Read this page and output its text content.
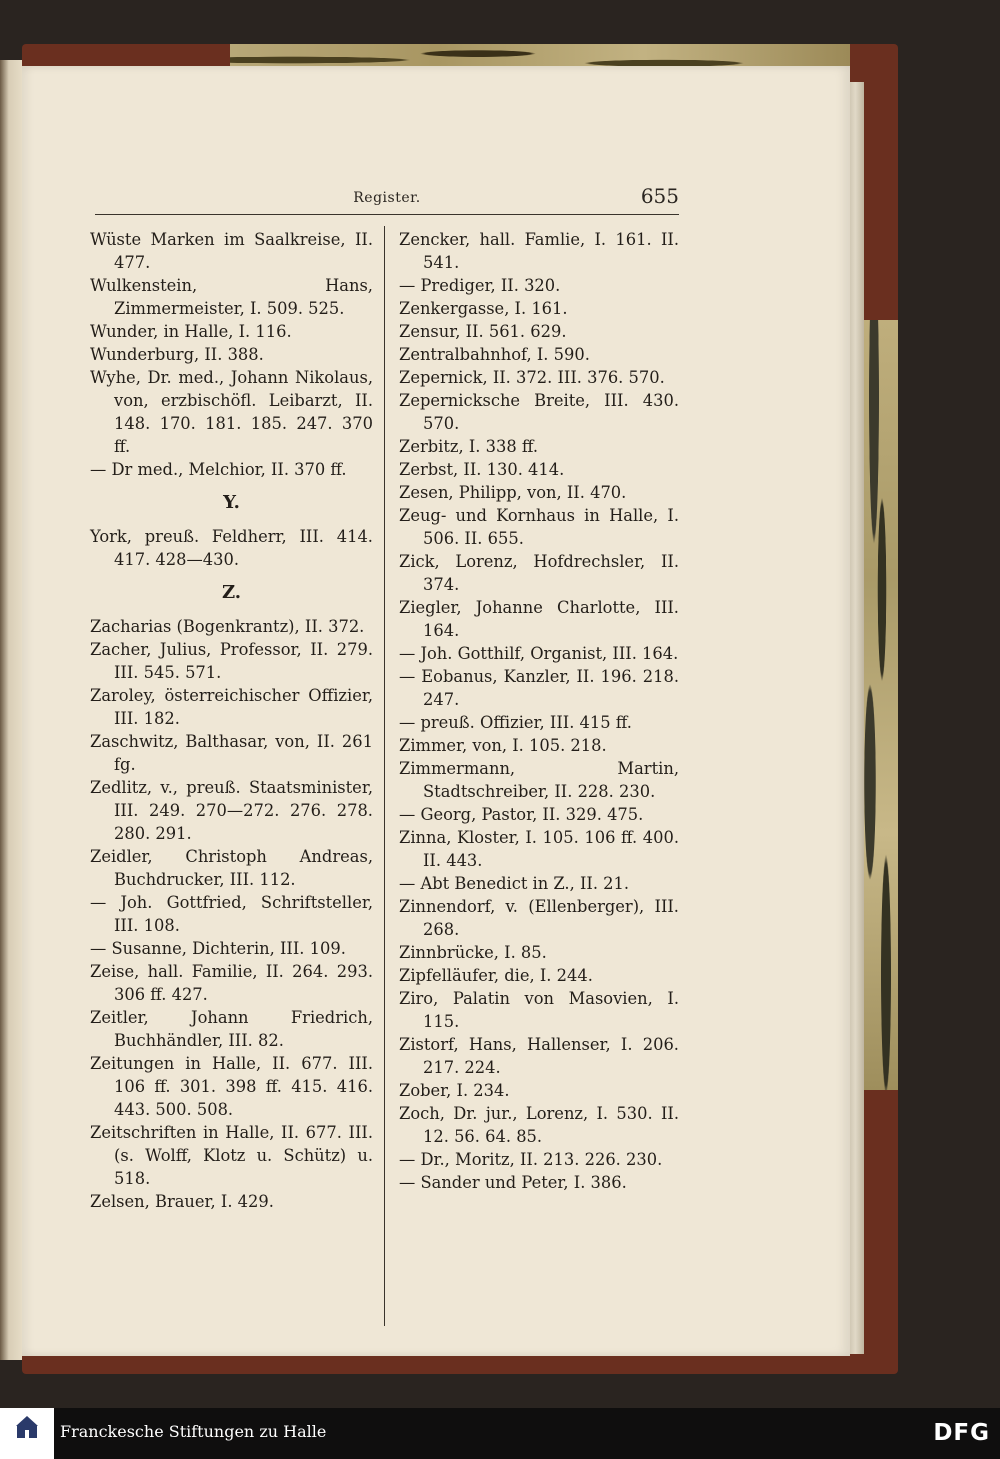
Register.	655
Wüste Marken im Saalkreise, II. 477.
Wulkenstein, Hans, Zimmermeister, I. 509. 525.
Wunder, in Halle, I. 116.
Wunderburg, II. 388.
Wyhe, Dr. med., Johann Nikolaus, von, erzbischöfl. Leibarzt, II. 148. 170. 181. 185. 247. 370 ff.
— Dr med., Melchior, II. 370 ff.
Y.
York, preuß. Feldherr, III. 414. 417. 428—430.
Z.
Zacharias (Bogenkrantz), II. 372.
Zacher, Julius, Professor, II. 279. III. 545. 571.
Zaroley, österreichischer Offizier, III. 182.
Zaschwitz, Balthasar, von, II. 261 fg.
Zedlitz, v., preuß. Staatsminister, III. 249. 270—272. 276. 278. 280. 291.
Zeidler, Christoph Andreas, Buchdrucker, III. 112.
— Joh. Gottfried, Schriftsteller, III. 108.
— Susanne, Dichterin, III. 109.
Zeise, hall. Familie, II. 264. 293. 306 ff. 427.
Zeitler, Johann Friedrich, Buchhändler, III. 82.
Zeitungen in Halle, II. 677. III. 106 ff. 301. 398 ff. 415. 416. 443. 500. 508.
Zeitschriften in Halle, II. 677. III. (s. Wolff, Klotz u. Schütz) u. 518.
Zelsen, Brauer, I. 429.
Zencker, hall. Famlie, I. 161. II. 541.
— Prediger, II. 320.
Zenkergasse, I. 161.
Zensur, II. 561. 629.
Zentralbahnhof, I. 590.
Zepernick, II. 372. III. 376. 570.
Zepernicksche Breite, III. 430. 570.
Zerbitz, I. 338 ff.
Zerbst, II. 130. 414.
Zesen, Philipp, von, II. 470.
Zeug- und Kornhaus in Halle, I. 506. II. 655.
Zick, Lorenz, Hofdrechsler, II. 374.
Ziegler, Johanne Charlotte, III. 164.
— Joh. Gotthilf, Organist, III. 164.
— Eobanus, Kanzler, II. 196. 218. 247.
— preuß. Offizier, III. 415 ff.
Zimmer, von, I. 105. 218.
Zimmermann, Martin, Stadtschreiber, II. 228. 230.
— Georg, Pastor, II. 329. 475.
Zinna, Kloster, I. 105. 106 ff. 400. II. 443.
— Abt Benedict in Z., II. 21.
Zinnendorf, v. (Ellenberger), III. 268.
Zinnbrücke, I. 85.
Zipfelläufer, die, I. 244.
Ziro, Palatin von Masovien, I. 115.
Zistorf, Hans, Hallenser, I. 206. 217. 224.
Zober, I. 234.
Zoch, Dr. jur., Lorenz, I. 530. II. 12. 56. 64. 85.
— Dr., Moritz, II. 213. 226. 230.
— Sander und Peter, I. 386.
Franckesche Stiftungen zu Halle	DFG
